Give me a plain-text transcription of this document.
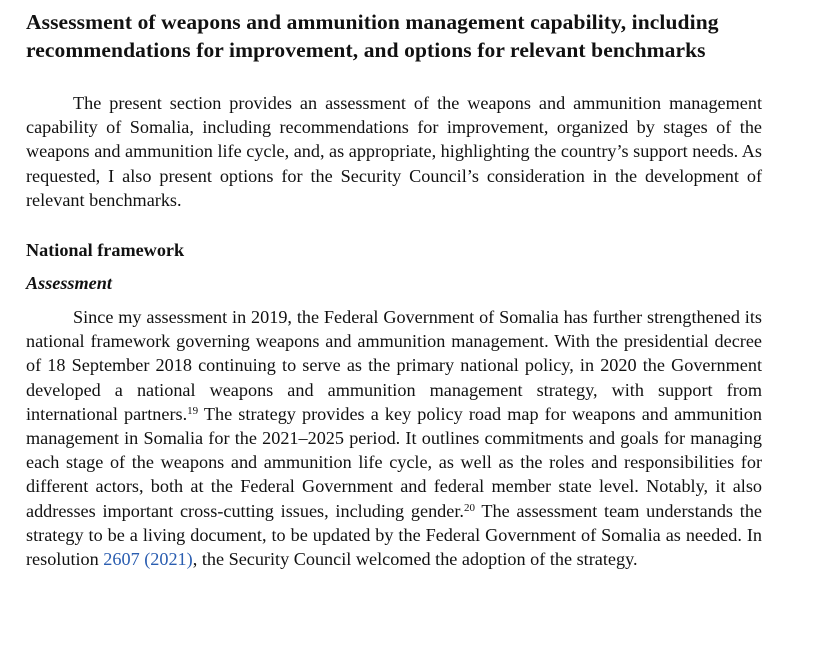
Assessment of weapons and ammunition management capability, including recommendations for improvement, and options for relevant benchmarks

The present section provides an assessment of the weapons and ammunition management capability of Somalia, including recommendations for improvement, organized by stages of the weapons and ammunition life cycle, and, as appropriate, highlighting the country’s support needs. As requested, I also present options for the Security Council’s consideration in the development of relevant benchmarks.

National framework
Assessment

Since my assessment in 2019, the Federal Government of Somalia has further strengthened its national framework governing weapons and ammunition management. With the presidential decree of 18 September 2018 continuing to serve as the primary national policy, in 2020 the Government developed a national weapons and ammunition management strategy, with support from international partners.$^{19}$ The strategy provides a key policy road map for weapons and ammunition management in Somalia for the 2021–2025 period. It outlines commitments and goals for managing each stage of the weapons and ammunition life cycle, as well as the roles and responsibilities for different actors, both at the Federal Government and federal member state level. Notably, it also addresses important cross-cutting issues, including gender.$^{20}$ The assessment team understands the strategy to be a living document, to be updated by the Federal Government of Somalia as needed. In resolution 2607 (2021), the Security Council welcomed the adoption of the strategy.
